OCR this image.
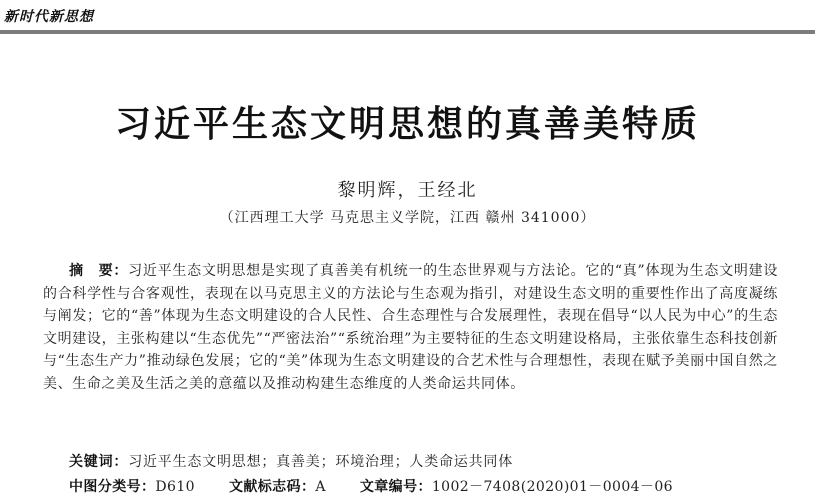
新时代新思想
习近平生态文明思想的真善美特质
黎明辉，王经北
（江西理工大学 马克思主义学院，江西 赣州 341000）
摘　要：习近平生态文明思想是实现了真善美有机统一的生态世界观与方法论。它的“真”体现为生态文明建设的合科学性与合客观性，表现在以马克思主义的方法论与生态观为指引，对建设生态文明的重要性作出了高度凝练与阐发；它的“善”体现为生态文明建设的合人民性、合生态理性与合发展理性，表现在倡导“以人民为中心”的生态文明建设，主张构建以“生态优先”“严密法治”“系统治理”为主要特征的生态文明建设格局，主张依靠生态科技创新与“生态生产力”推动绿色发展；它的“美”体现为生态文明建设的合艺术性与合理想性，表现在赋予美丽中国自然之美、生命之美及生活之美的意蕴以及推动构建生态维度的人类命运共同体。
关键词：习近平生态文明思想；真善美；环境治理；人类命运共同体
中图分类号：D610 文献标志码：A 文章编号：1002－7408(2020)01－0004－06
